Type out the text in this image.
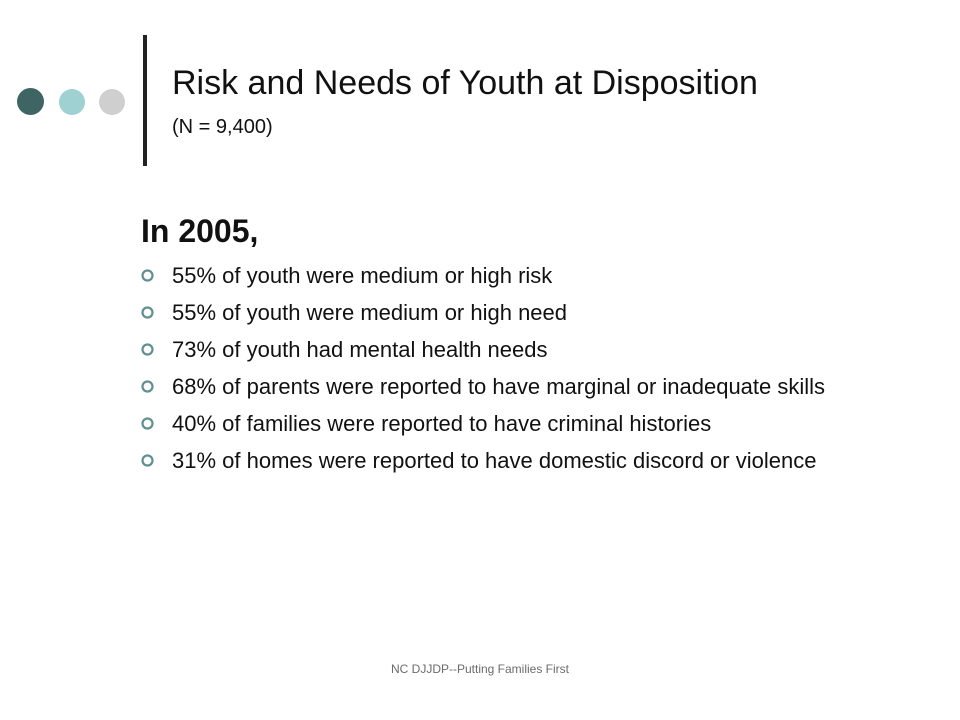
Risk and Needs of Youth at Disposition

(N = 9,400)

In 2005,
55% of youth were medium or high risk
55% of youth were medium or high need
73% of youth had mental health needs
68% of parents were reported to have marginal or inadequate skills
40% of families were reported to have criminal histories
31% of homes were reported to have domestic discord or violence

NC DJJDP--Putting Families First
